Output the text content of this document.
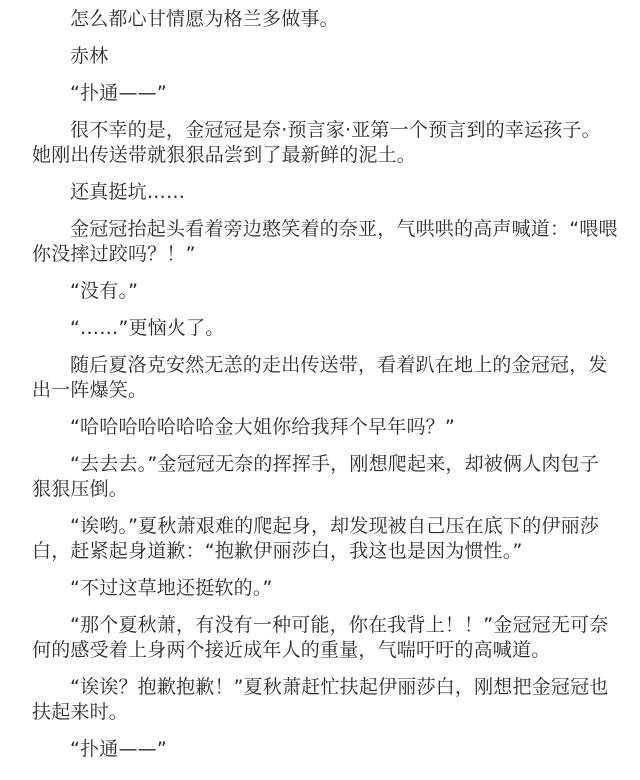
怎么都心甘情愿为格兰多做事。

赤林

“扑通——”

很不幸的是，金冠冠是奈·预言家·亚第一个预言到的幸运孩子。她刚出传送带就狠狠品尝到了最新鲜的泥土。

还真挺坑……

金冠冠抬起头看着旁边憨笑着的奈亚，气哄哄的高声喊道：“喂喂你没摔过跤吗？！”

“没有。”

“……”更恼火了。

随后夏洛克安然无恙的走出传送带，看着趴在地上的金冠冠，发出一阵爆笑。

“哈哈哈哈哈哈哈金大姐你给我拜个早年吗？”

“去去去。”金冠冠无奈的挥挥手，刚想爬起来，却被俩人肉包子狠狠压倒。

“诶哟。”夏秋萧艰难的爬起身，却发现被自己压在底下的伊丽莎白，赶紧起身道歉：“抱歉伊丽莎白，我这也是因为惯性。”

“不过这草地还挺软的。”

“那个夏秋萧，有没有一种可能，你在我背上！！”金冠冠无可奈何的感受着上身两个接近成年人的重量，气喘吁吁的高喊道。

“诶诶？抱歉抱歉！”夏秋萧赶忙扶起伊丽莎白，刚想把金冠冠也扶起来时。

“扑通——”
